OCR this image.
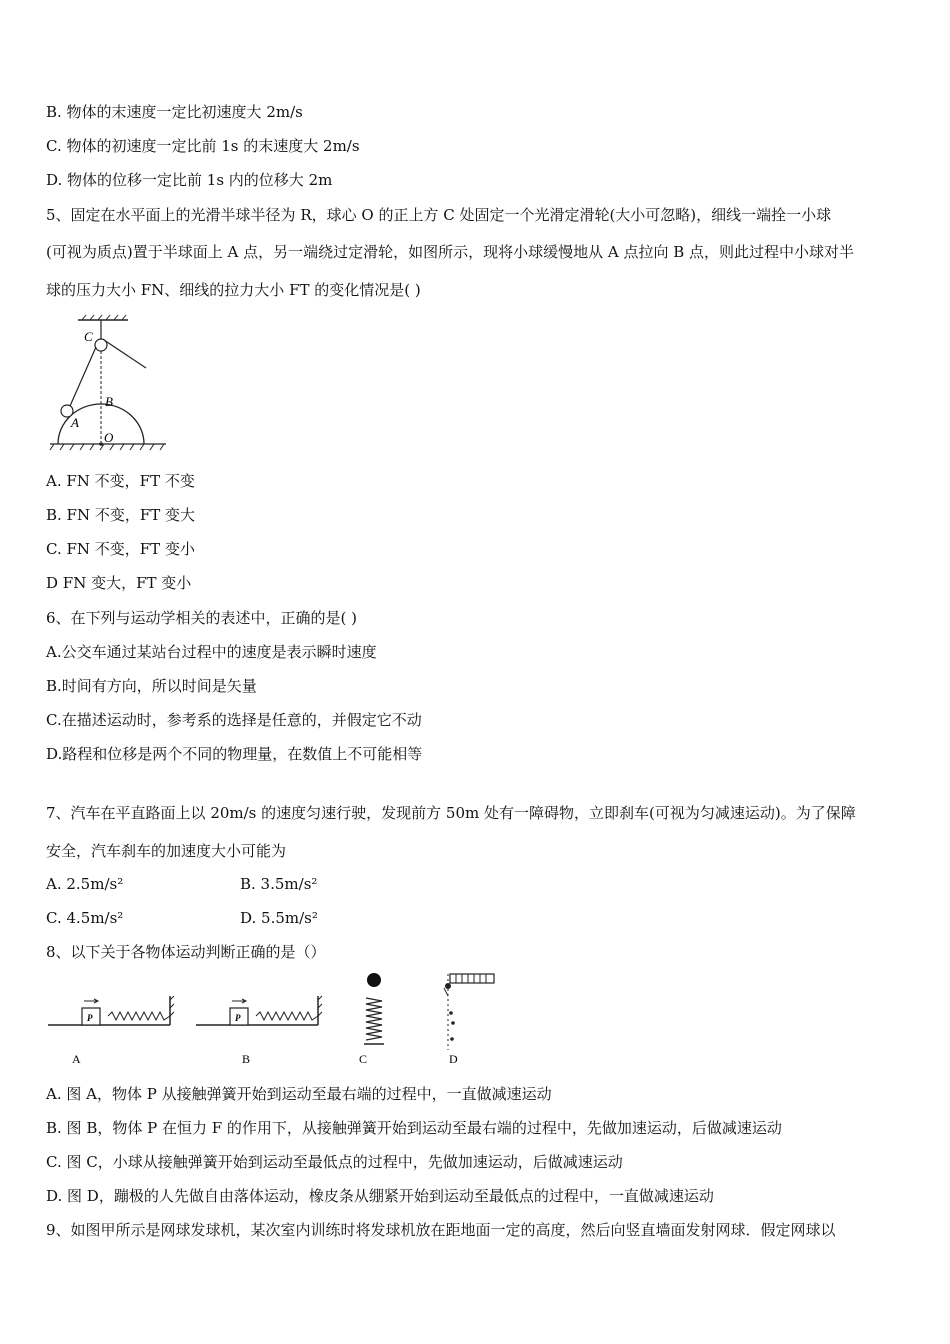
B. 物体的末速度一定比初速度大 2m/s
C. 物体的初速度一定比前 1s 的末速度大 2m/s
D. 物体的位移一定比前 1s 内的位移大 2m
5、固定在水平面上的光滑半球半径为 R，球心 O 的正上方 C 处固定一个光滑定滑轮(大小可忽略)，细线一端拴一小球
(可视为质点)置于半球面上 A 点，另一端绕过定滑轮，如图所示，现将小球缓慢地从 A 点拉向 B 点，则此过程中小球对半
球的压力大小 FN、细线的拉力大小 FT 的变化情况是( )
C
B
A
O
A. FN 不变，FT 不变
B. FN 不变，FT 变大
C. FN 不变，FT 变小
D FN 变大，FT 变小
6、在下列与运动学相关的表述中，正确的是( )
A.公交车通过某站台过程中的速度是表示瞬时速度
B.时间有方向，所以时间是矢量
C.在描述运动时，参考系的选择是任意的，并假定它不动
D.路程和位移是两个不同的物理量，在数值上不可能相等
7、汽车在平直路面上以 20m/s 的速度匀速行驶，发现前方 50m 处有一障碍物，立即刹车(可视为匀减速运动)。为了保障
安全，汽车刹车的加速度大小可能为
A. 2.5m/s²	B. 3.5m/s²
C. 4.5m/s²	D. 5.5m/s²
8、以下关于各物体运动判断正确的是（）
P
A
P
B	C	D
A. 图 A，物体 P 从接触弹簧开始到运动至最右端的过程中，一直做减速运动
B. 图 B，物体 P 在恒力 F 的作用下，从接触弹簧开始到运动至最右端的过程中，先做加速运动，后做减速运动
C. 图 C，小球从接触弹簧开始到运动至最低点的过程中，先做加速运动，后做减速运动
D. 图 D，蹦极的人先做自由落体运动，橡皮条从绷紧开始到运动至最低点的过程中，一直做减速运动
9、如图甲所示是网球发球机，某次室内训练时将发球机放在距地面一定的高度，然后向竖直墙面发射网球．假定网球以
